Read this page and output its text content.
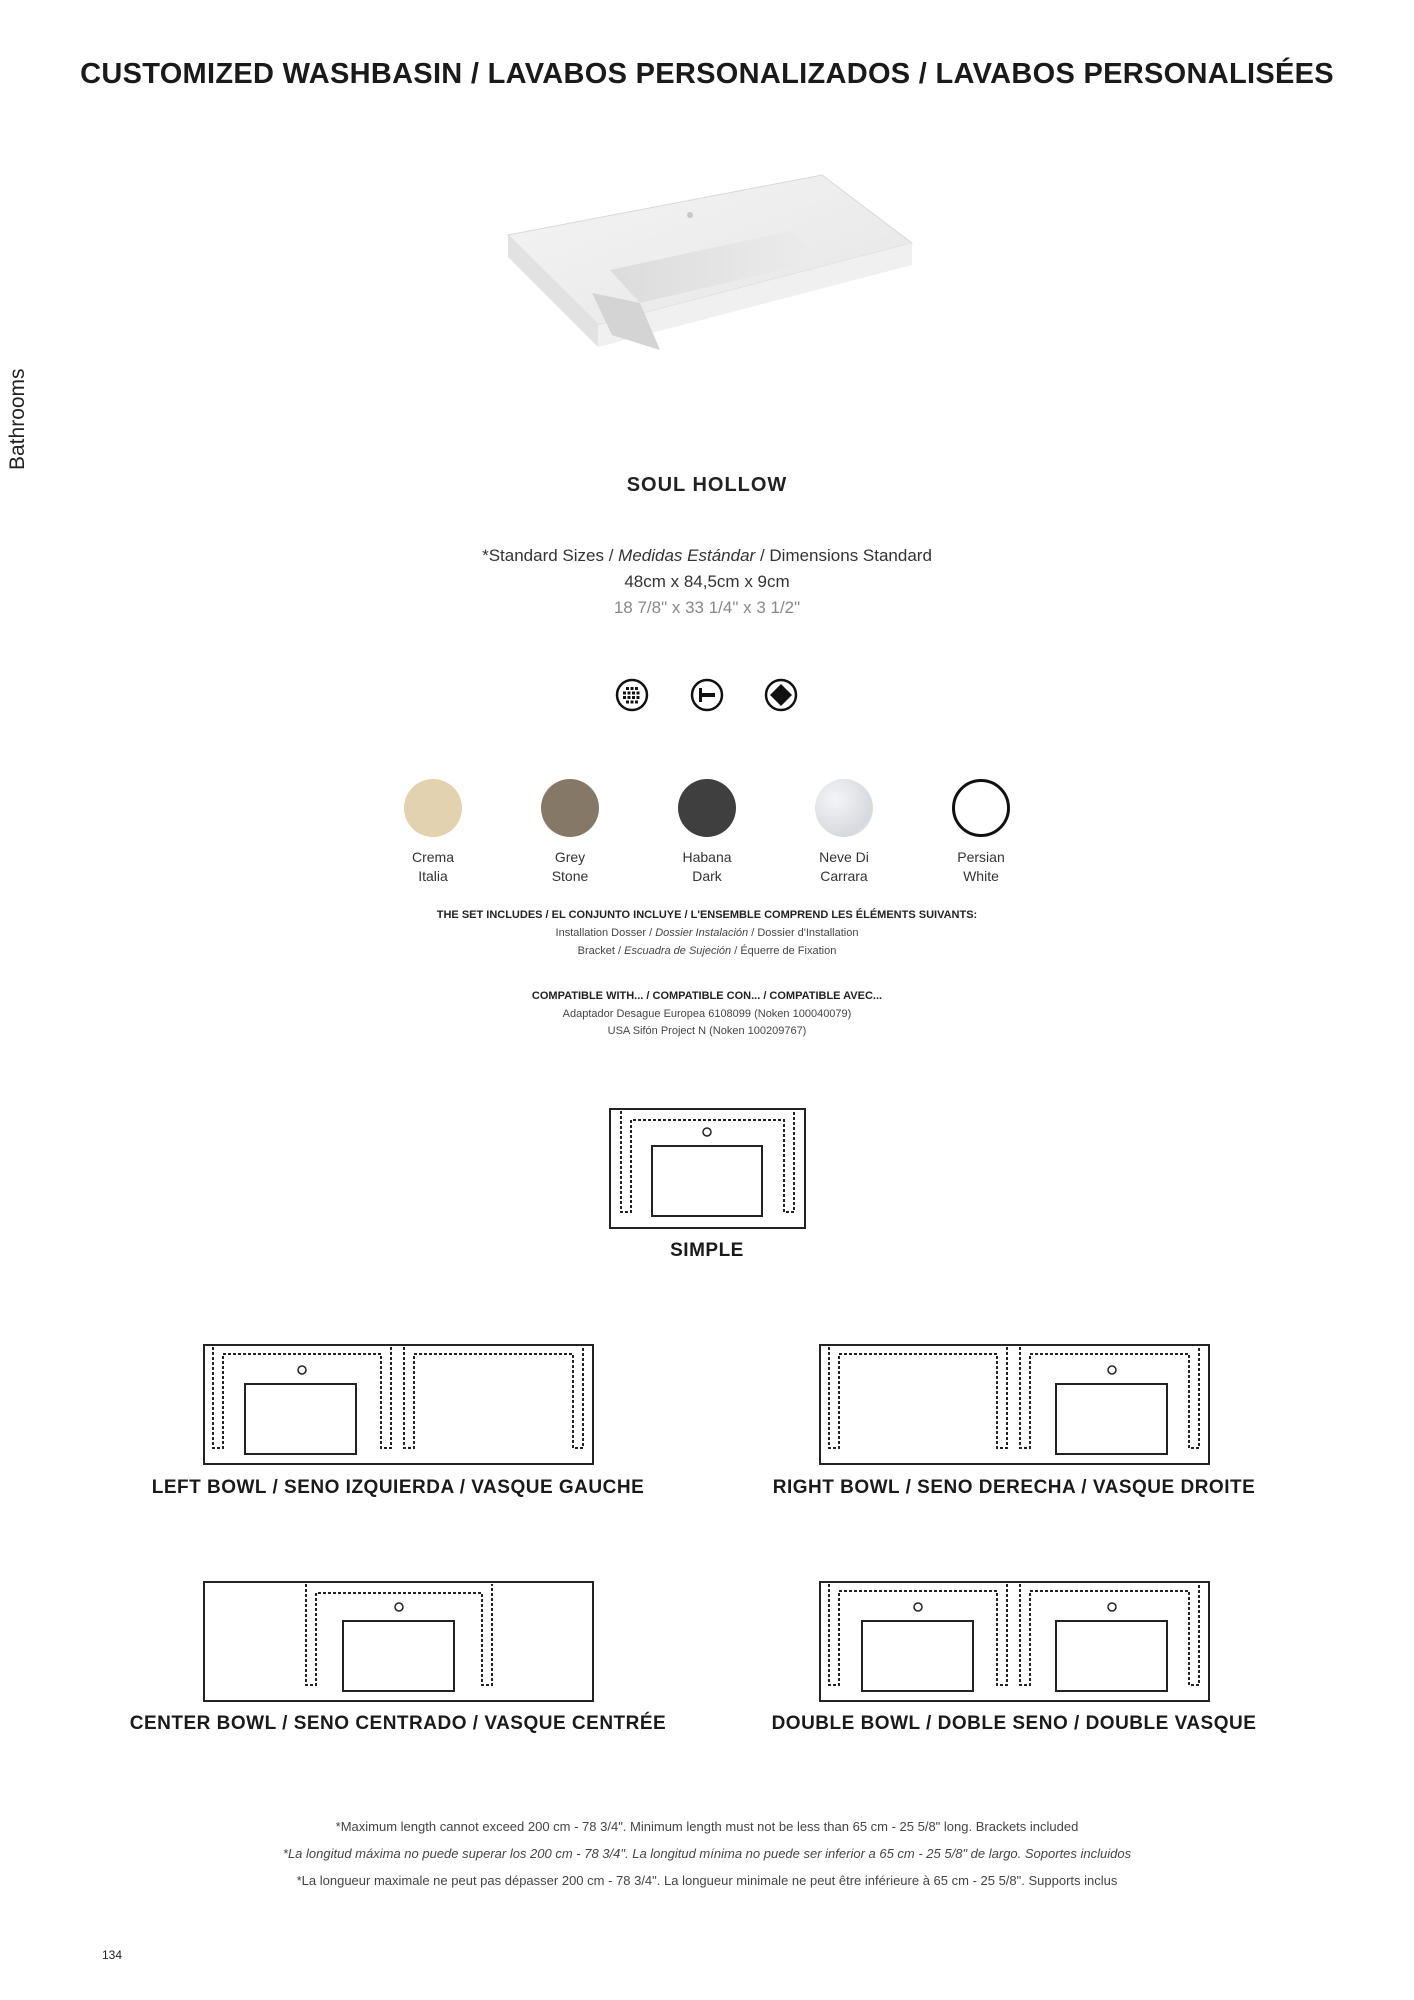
CUSTOMIZED WASHBASIN / LAVABOS PERSONALIZADOS / LAVABOS PERSONALISÉES
Bathrooms
SOUL HOLLOW
*Standard Sizes / Medidas Estándar / Dimensions Standard
48cm x 84,5cm x 9cm
18 7/8" x 33 1/4" x 3 1/2"
Crema
Italia
Grey
Stone
Habana
Dark
Neve Di
Carrara
Persian
White
THE SET INCLUDES / EL CONJUNTO INCLUYE / L'ENSEMBLE COMPREND LES ÉLÉMENTS SUIVANTS:
Installation Dosser / Dossier Instalación / Dossier d'Installation
Bracket / Escuadra de Sujeción / Équerre de Fixation
COMPATIBLE WITH... / COMPATIBLE CON... / COMPATIBLE AVEC...
Adaptador Desague Europea 6108099 (Noken 100040079)
USA Sifón Project N (Noken 100209767)
SIMPLE
LEFT BOWL / SENO IZQUIERDA / VASQUE GAUCHE	RIGHT BOWL / SENO DERECHA / VASQUE DROITE
CENTER BOWL / SENO CENTRADO / VASQUE CENTRÉE	DOUBLE BOWL / DOBLE SENO / DOUBLE VASQUE
*Maximum length cannot exceed 200 cm - 78 3/4". Minimum length must not be less than 65 cm - 25 5/8" long. Brackets included
*La longitud máxima no puede superar los 200 cm - 78 3/4". La longitud mínima no puede ser inferior a 65 cm - 25 5/8" de largo. Soportes incluidos
*La longueur maximale ne peut pas dépasser 200 cm - 78 3/4". La longueur minimale ne peut être inférieure à 65 cm - 25 5/8". Supports inclus
134
